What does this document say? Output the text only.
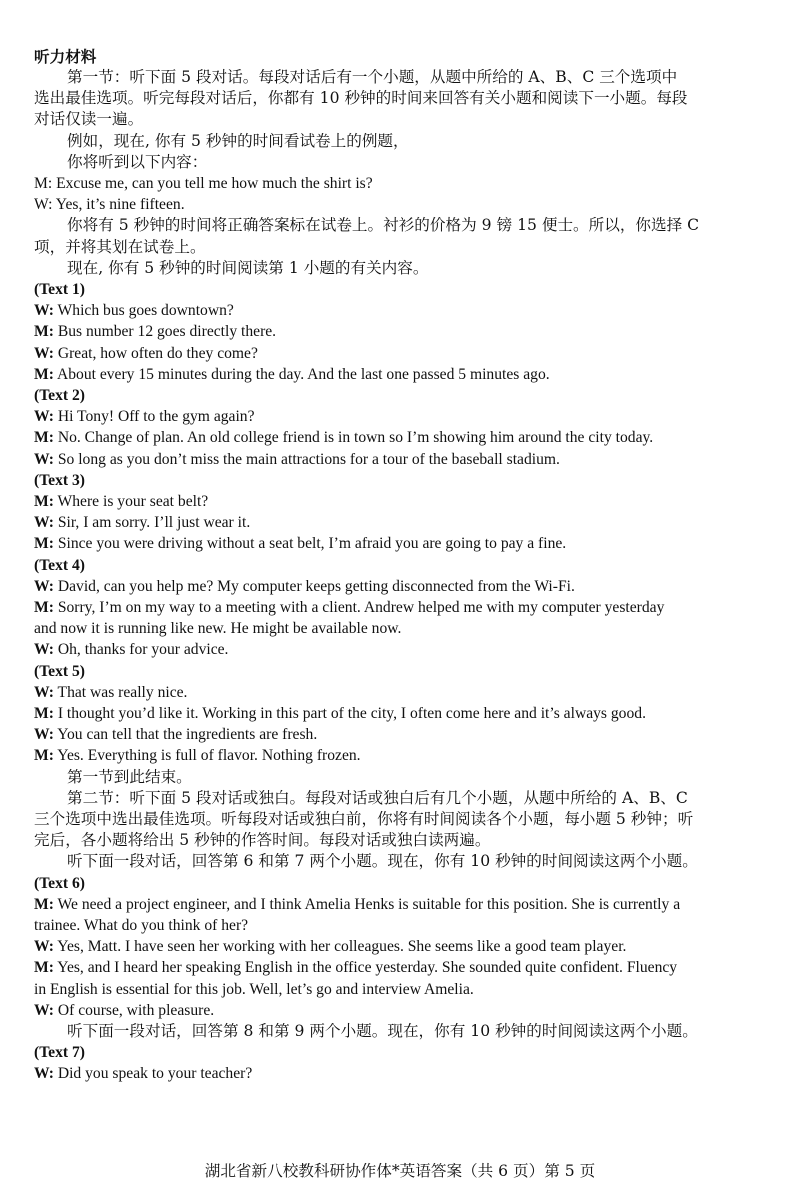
听力材料
第一节：听下面 5 段对话。每段对话后有一个小题，从题中所给的 A、B、C 三个选项中
选出最佳选项。听完每段对话后，你都有 10 秒钟的时间来回答有关小题和阅读下一小题。每段
对话仅读一遍。
例如，现在, 你有 5 秒钟的时间看试卷上的例题，
你将听到以下内容：
M: Excuse me, can you tell me how much the shirt is?
W: Yes, it’s nine fifteen.
你将有 5 秒钟的时间将正确答案标在试卷上。衬衫的价格为 9 镑 15 便士。所以，你选择 C
项，并将其划在试卷上。
现在, 你有 5 秒钟的时间阅读第 1 小题的有关内容。
(Text 1)
W: Which bus goes downtown?
M: Bus number 12 goes directly there.
W: Great, how often do they come?
M: About every 15 minutes during the day. And the last one passed 5 minutes ago.
(Text 2)
W: Hi Tony! Off to the gym again?
M: No. Change of plan. An old college friend is in town so I’m showing him around the city today.
W: So long as you don’t miss the main attractions for a tour of the baseball stadium.
(Text 3)
M: Where is your seat belt?
W: Sir, I am sorry. I’ll just wear it.
M: Since you were driving without a seat belt, I’m afraid you are going to pay a fine.
(Text 4)
W: David, can you help me? My computer keeps getting disconnected from the Wi-Fi.
M: Sorry, I’m on my way to a meeting with a client. Andrew helped me with my computer yesterday
and now it is running like new. He might be available now.
W: Oh, thanks for your advice.
(Text 5)
W: That was really nice.
M: I thought you’d like it. Working in this part of the city, I often come here and it’s always good.
W: You can tell that the ingredients are fresh.
M: Yes. Everything is full of flavor. Nothing frozen.
第一节到此结束。
第二节：听下面 5 段对话或独白。每段对话或独白后有几个小题，从题中所给的 A、B、C
三个选项中选出最佳选项。听每段对话或独白前，你将有时间阅读各个小题，每小题 5 秒钟；听
完后，各小题将给出 5 秒钟的作答时间。每段对话或独白读两遍。
听下面一段对话，回答第 6 和第 7 两个小题。现在，你有 10 秒钟的时间阅读这两个小题。
(Text 6)
M: We need a project engineer, and I think Amelia Henks is suitable for this position. She is currently a
trainee. What do you think of her?
W: Yes, Matt. I have seen her working with her colleagues. She seems like a good team player.
M: Yes, and I heard her speaking English in the office yesterday. She sounded quite confident. Fluency
in English is essential for this job. Well, let’s go and interview Amelia.
W: Of course, with pleasure.
听下面一段对话，回答第 8 和第 9 两个小题。现在，你有 10 秒钟的时间阅读这两个小题。
(Text 7)
W: Did you speak to your teacher?
湖北省新八校教科研协作体*英语答案（共 6 页）第 5 页
